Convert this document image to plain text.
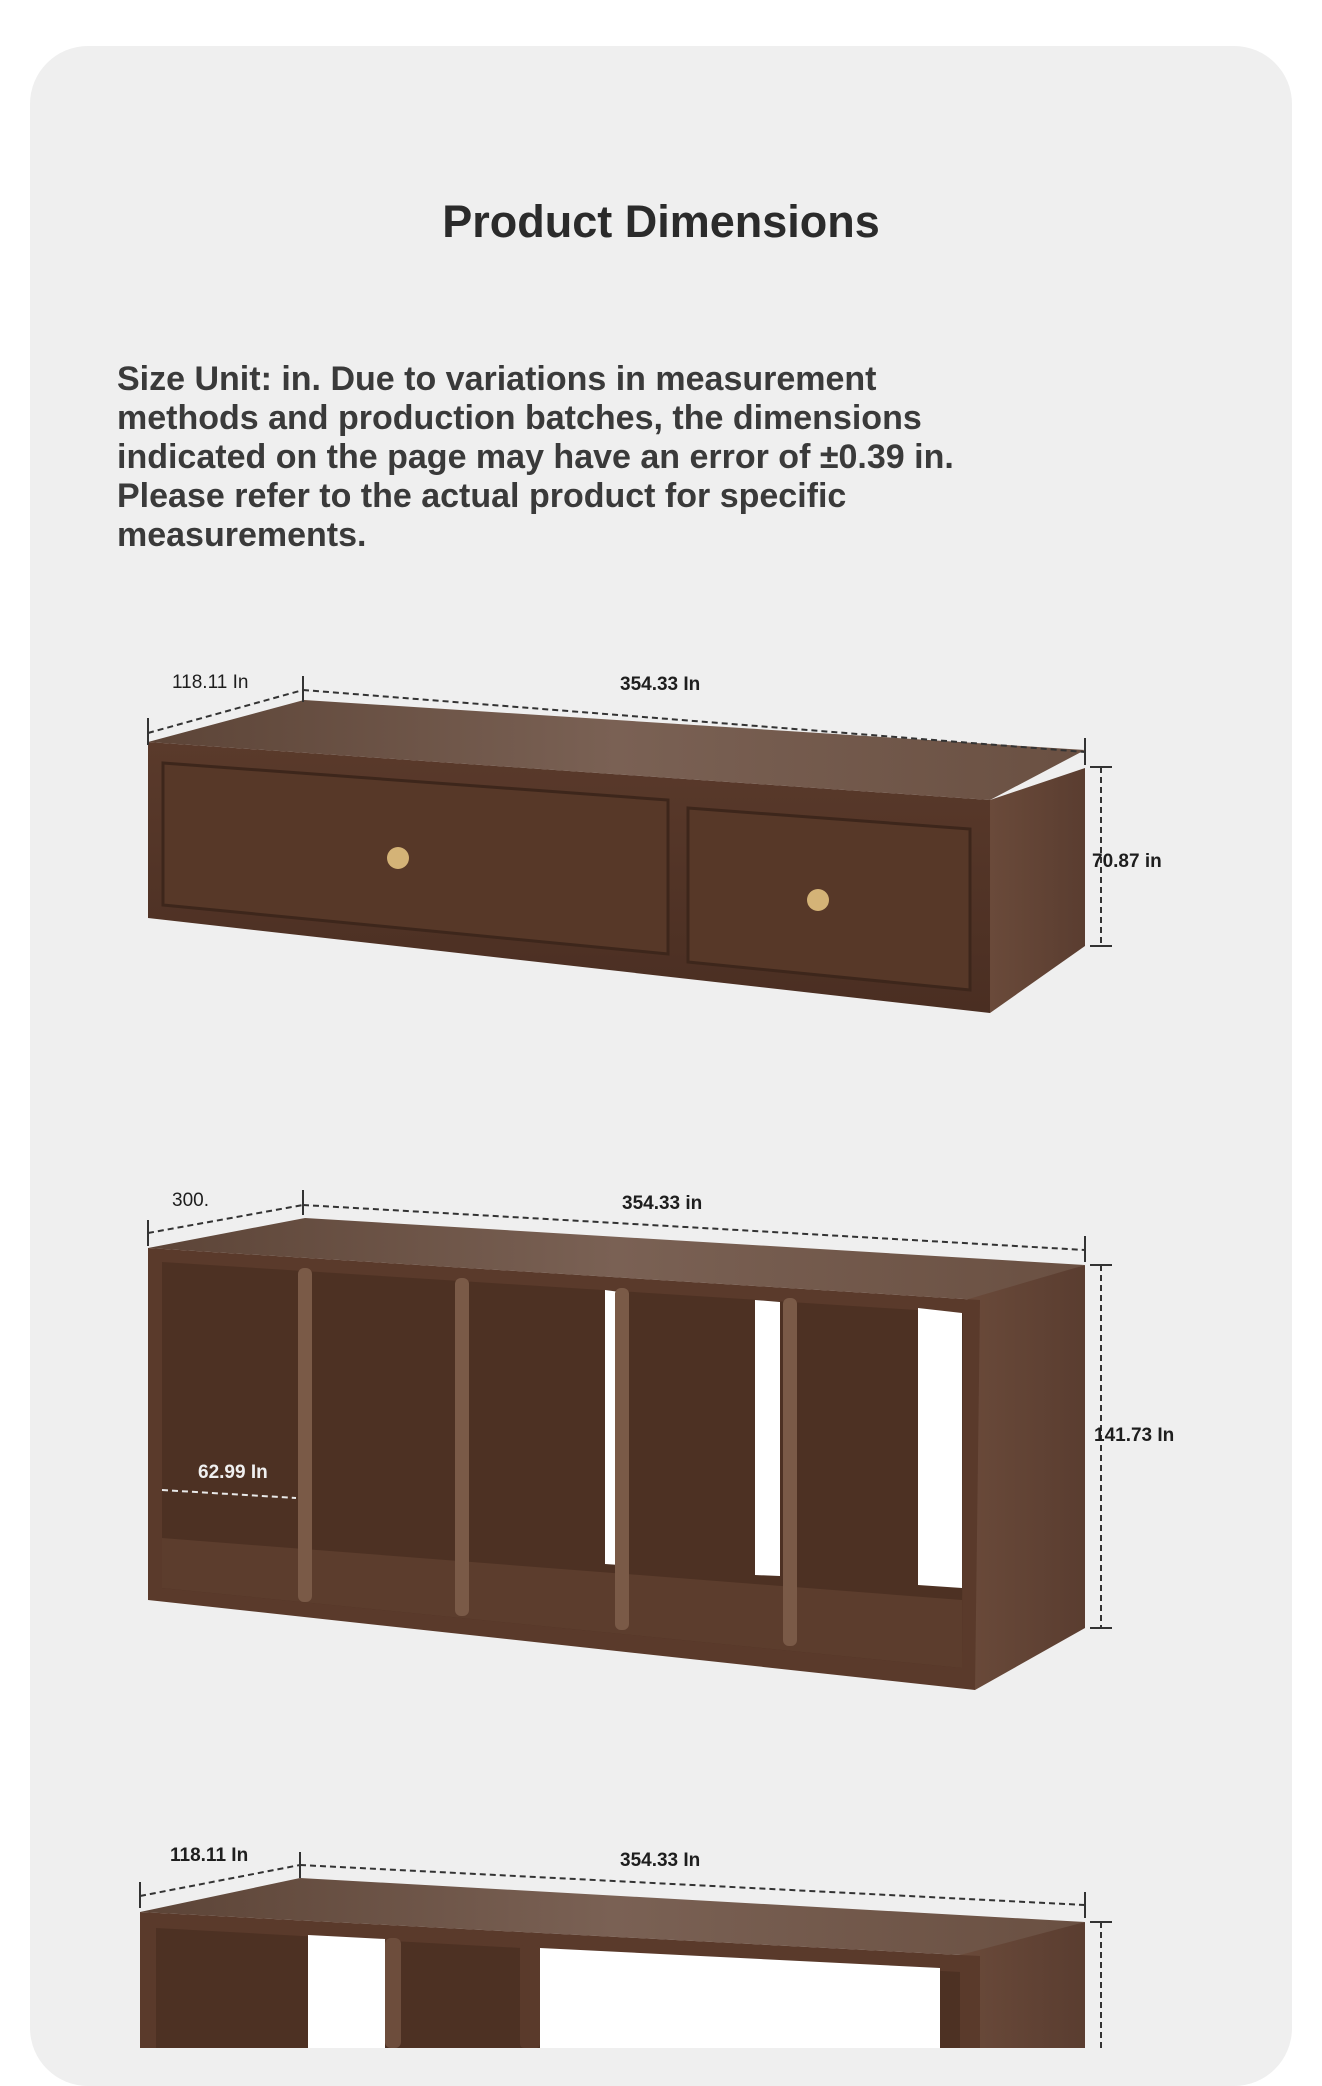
Product Dimensions
Size Unit: in. Due to variations in measurement methods and production batches, the dimensions indicated on the page may have an error of ±0.39 in. Please refer to the actual product for specific measurements.
118.11 In	354.33 In
70.87 in
300.	354.33 in
141.73 In
62.99 In
118.11 In	354.33 In
